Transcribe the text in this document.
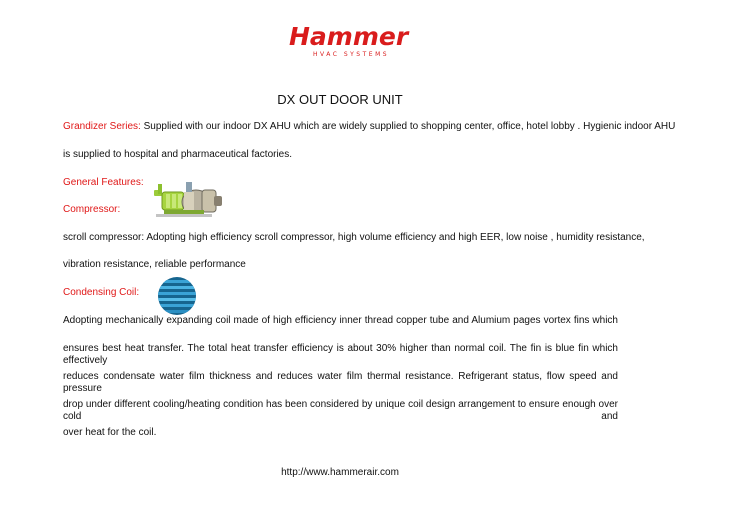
Hammer
HVAC SYSTEMS
DX OUT DOOR UNIT
Grandizer Series: Supplied with our indoor DX AHU which are widely supplied to shopping center, office, hotel lobby . Hygienic indoor AHU
is supplied to hospital and pharmaceutical factories.
General Features:
Compressor:
scroll compressor: Adopting high efficiency scroll compressor, high volume efficiency and high EER, low noise , humidity resistance,
vibration resistance, reliable performance
Condensing Coil:
Adopting mechanically expanding coil made of high efficiency inner thread copper tube and Alumium pages vortex fins which
ensures best heat transfer. The total heat transfer efficiency is about 30% higher than normal coil. The fin is blue fin which effectively
reduces condensate water film thickness and reduces water film thermal resistance. Refrigerant status, flow speed and pressure
drop under different cooling/heating condition has been considered by unique coil design arrangement to ensure enough over cold and
over heat for the coil.
http://www.hammerair.com
